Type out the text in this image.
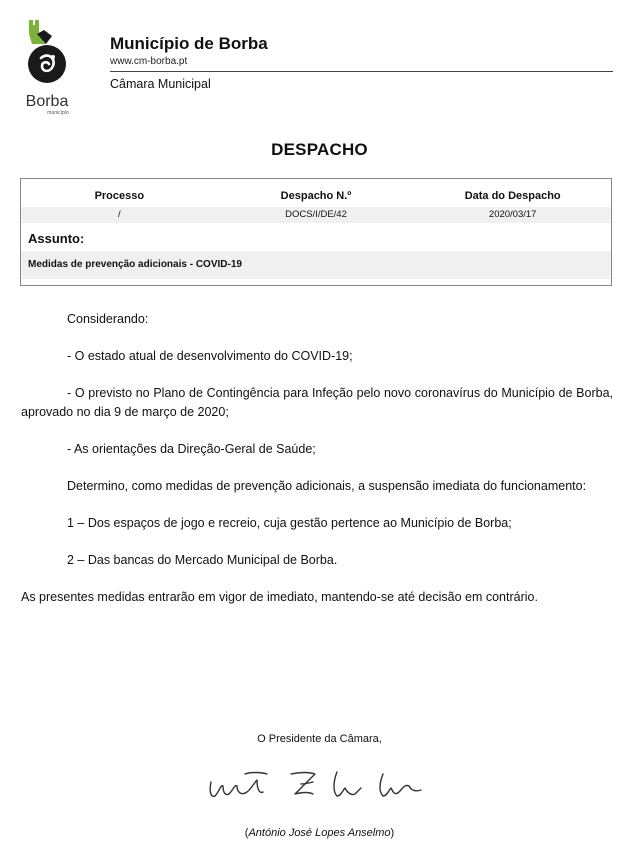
Borba
município
Município de Borba
www.cm-borba.pt
Câmara Municipal
DESPACHO
Processo	Despacho N.º	Data do Despacho
/	DOCS/I/DE/42	2020/03/17
Assunto:
Medidas de prevenção adicionais - COVID-19

Considerando:

- O estado atual de desenvolvimento do COVID-19;

- O previsto no Plano de Contingência para Infeção pelo novo coronavírus do Município de Borba, aprovado no dia 9 de março de 2020;

- As orientações da Direção-Geral de Saúde;

Determino, como medidas de prevenção adicionais, a suspensão imediata do funcionamento:

1 – Dos espaços de jogo e recreio, cuja gestão pertence ao Município de Borba;

2 – Das bancas do Mercado Municipal de Borba.

As presentes medidas entrarão em vigor de imediato, mantendo-se até decisão em contrário.

O Presidente da Câmara,
(António José Lopes Anselmo)
